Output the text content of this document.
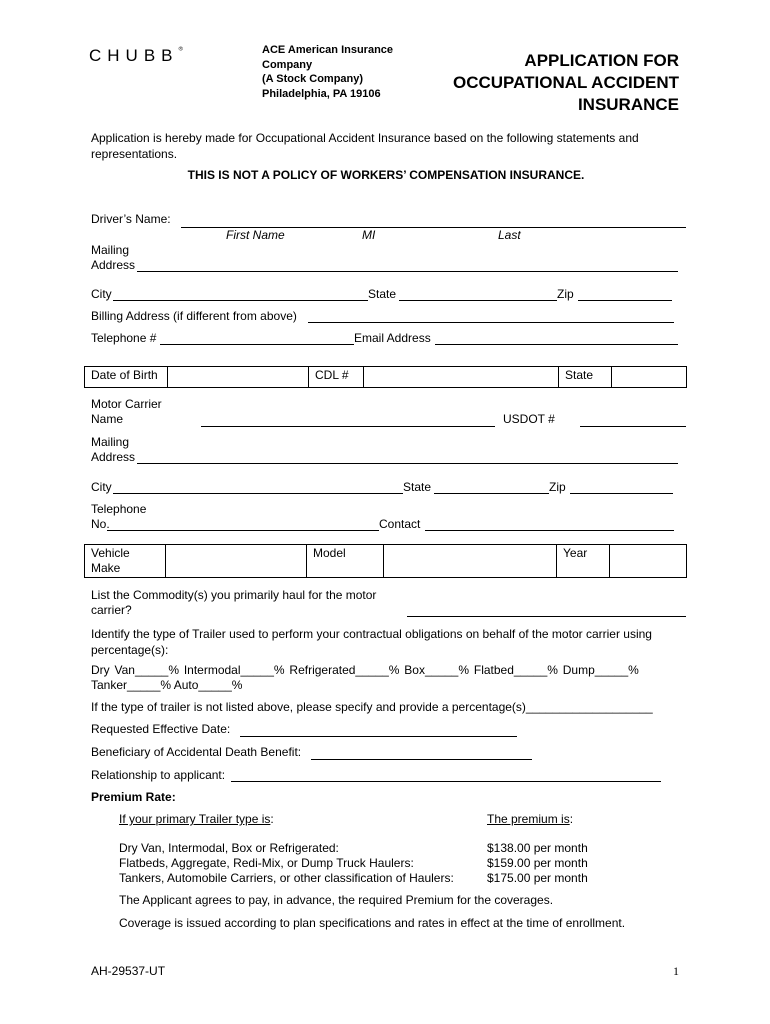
CHUBB®	ACE American Insurance
Company
(A Stock Company)
Philadelphia, PA 19106
APPLICATION FOR
OCCUPATIONAL ACCIDENT
INSURANCE
Application is hereby made for Occupational Accident Insurance based on the following statements and representations.
THIS IS NOT A POLICY OF WORKERS’ COMPENSATION INSURANCE.
Driver’s Name:
First Name	MI	Last
Mailing
Address
City	State	Zip
Billing Address (if different from above)
Telephone #	Email Address
Date of Birth		CDL #		State	
Motor Carrier
Name	USDOT #
Mailing
Address
City	State	Zip
Telephone
No.	Contact
Vehicle
Make
		Model		Year	
List the Commodity(s) you primarily haul for the motor
carrier?
Identify the type of Trailer used to perform your contractual obligations on behalf of the motor carrier using percentage(s):
Dry Van_____% Intermodal_____% Refrigerated_____% Box_____% Flatbed_____% Dump_____%
Tanker_____% Auto_____%
If the type of trailer is not listed above, please specify and provide a percentage(s)___________________
Requested Effective Date:
Beneficiary of Accidental Death Benefit:
Relationship to applicant:
Premium Rate:
If your primary Trailer type is:	The premium is:
Dry Van, Intermodal, Box or Refrigerated:	$138.00 per month
Flatbeds, Aggregate, Redi-Mix, or Dump Truck Haulers:	$159.00 per month
Tankers, Automobile Carriers, or other classification of Haulers:	$175.00 per month
The Applicant agrees to pay, in advance, the required Premium for the coverages.
Coverage is issued according to plan specifications and rates in effect at the time of enrollment.
AH-29537-UT	1
